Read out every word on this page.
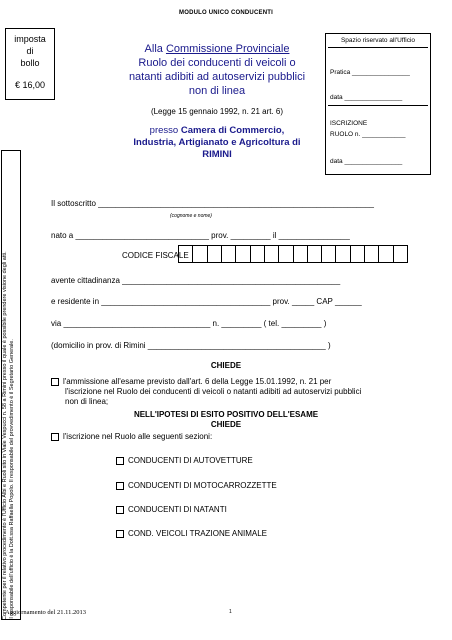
MODULO UNICO CONDUCENTI
imposta
di
bollo
€ 16,00
Alla Commissione Provinciale
Ruolo dei conducenti di veicoli o
natanti adibiti ad autoservizi pubblici
non di linea
(Legge 15 gennaio 1992, n. 21 art. 6)
presso Camera di Commercio,
Industria, Artigianato e Agricoltura di
RIMINI
Spazio riservato all'Ufficio
Pratica ________________
data ________________
ISCRIZIONE
RUOLO n. ____________
data ________________
Competente per il relativo procedimento è l'Ufficio Albi e Ruoli sito in Viale Vespucci n. 58 a Rimini presso il quale è possibile prendere visione degli atti. Il responsabile dell'ufficio è la Dott.ssa Raffaella Popolo. Il responsabile del provvedimento è il Segretario Generale.
Il sottoscritto ______________________________________________________________
(cognome e nome)
nato a ______________________________ prov. _________ il ________________
CODICE FISCALE
avente cittadinanza _________________________________________________
e residente in ______________________________________ prov. _____ CAP ______
via _________________________________ n. _________ ( tel. _________ )
(domicilio in prov. di Rimini ________________________________________ )
CHIEDE
l'ammissione all'esame previsto dall'art. 6 della Legge 15.01.1992, n. 21 per
l'iscrizione nel Ruolo dei conducenti di veicoli o natanti adibiti ad autoservizi pubblici
non di linea;
NELL'IPOTESI DI ESITO POSITIVO DELL'ESAME
CHIEDE
l'iscrizione nel Ruolo alle seguenti sezioni:
CONDUCENTI DI AUTOVETTURE
CONDUCENTI DI MOTOCARROZZETTE
CONDUCENTI DI NATANTI
COND. VEICOLI TRAZIONE ANIMALE
Aggiornamento del 21.11.2013	1
